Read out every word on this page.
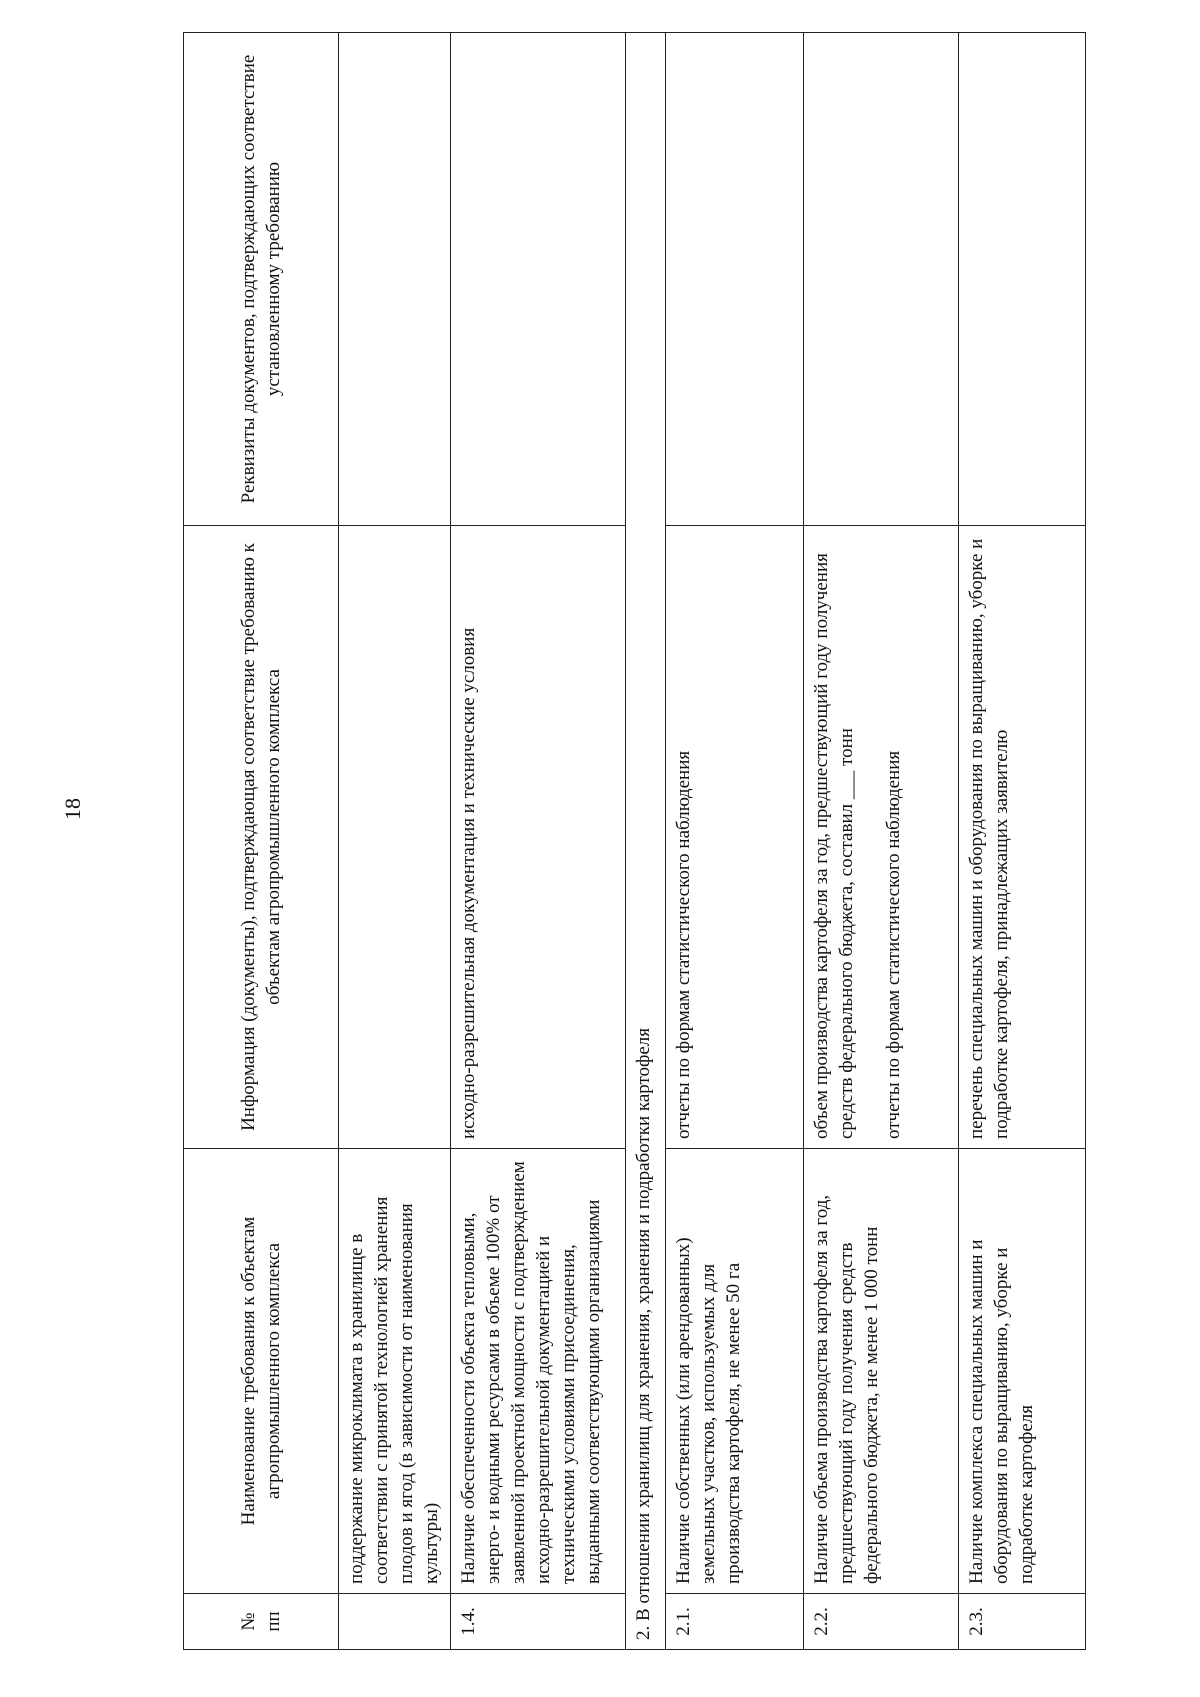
18
№ пп	Наименование требования к объектам агропромышленного комплекса	Информация (документы), подтверждающая соответствие требованию к объектам агропромышленного комплекса	Реквизиты документов, подтверждающих соответствие установленному требованию
	поддержание микроклимата в хранилище в соответствии с принятой технологией хранения плодов и ягод (в зависимости от наименования культуры)		
1.4.	Наличие обеспеченности объекта тепловыми, энерго- и водными ресурсами в объеме 100% от заявленной проектной мощности с подтверждением исходно-разрешительной документацией и техническими условиями присоединения, выданными соответствующими организациями	исходно-разрешительная документация и технические условия	
2. В отношении хранилищ для хранения, хранения и подработки картофеля			
2.1.	Наличие собственных (или арендованных) земельных участков, используемых для производства картофеля, не менее 50 га	отчеты по формам статистического наблюдения	
2.2.	Наличие объема производства картофеля за год, предшествующий году получения средств федерального бюджета, не менее 1 000 тонн	объем производства картофеля за год, предшествующий году получения средств федерального бюджета, составил ___ тонн отчеты по формам статистического наблюдения	

2.3.	Наличие комплекса специальных машин и оборудования по выращиванию, уборке и подработке картофеля	перечень специальных машин и оборудования по выращиванию, уборке и подработке картофеля, принадлежащих заявителю	
